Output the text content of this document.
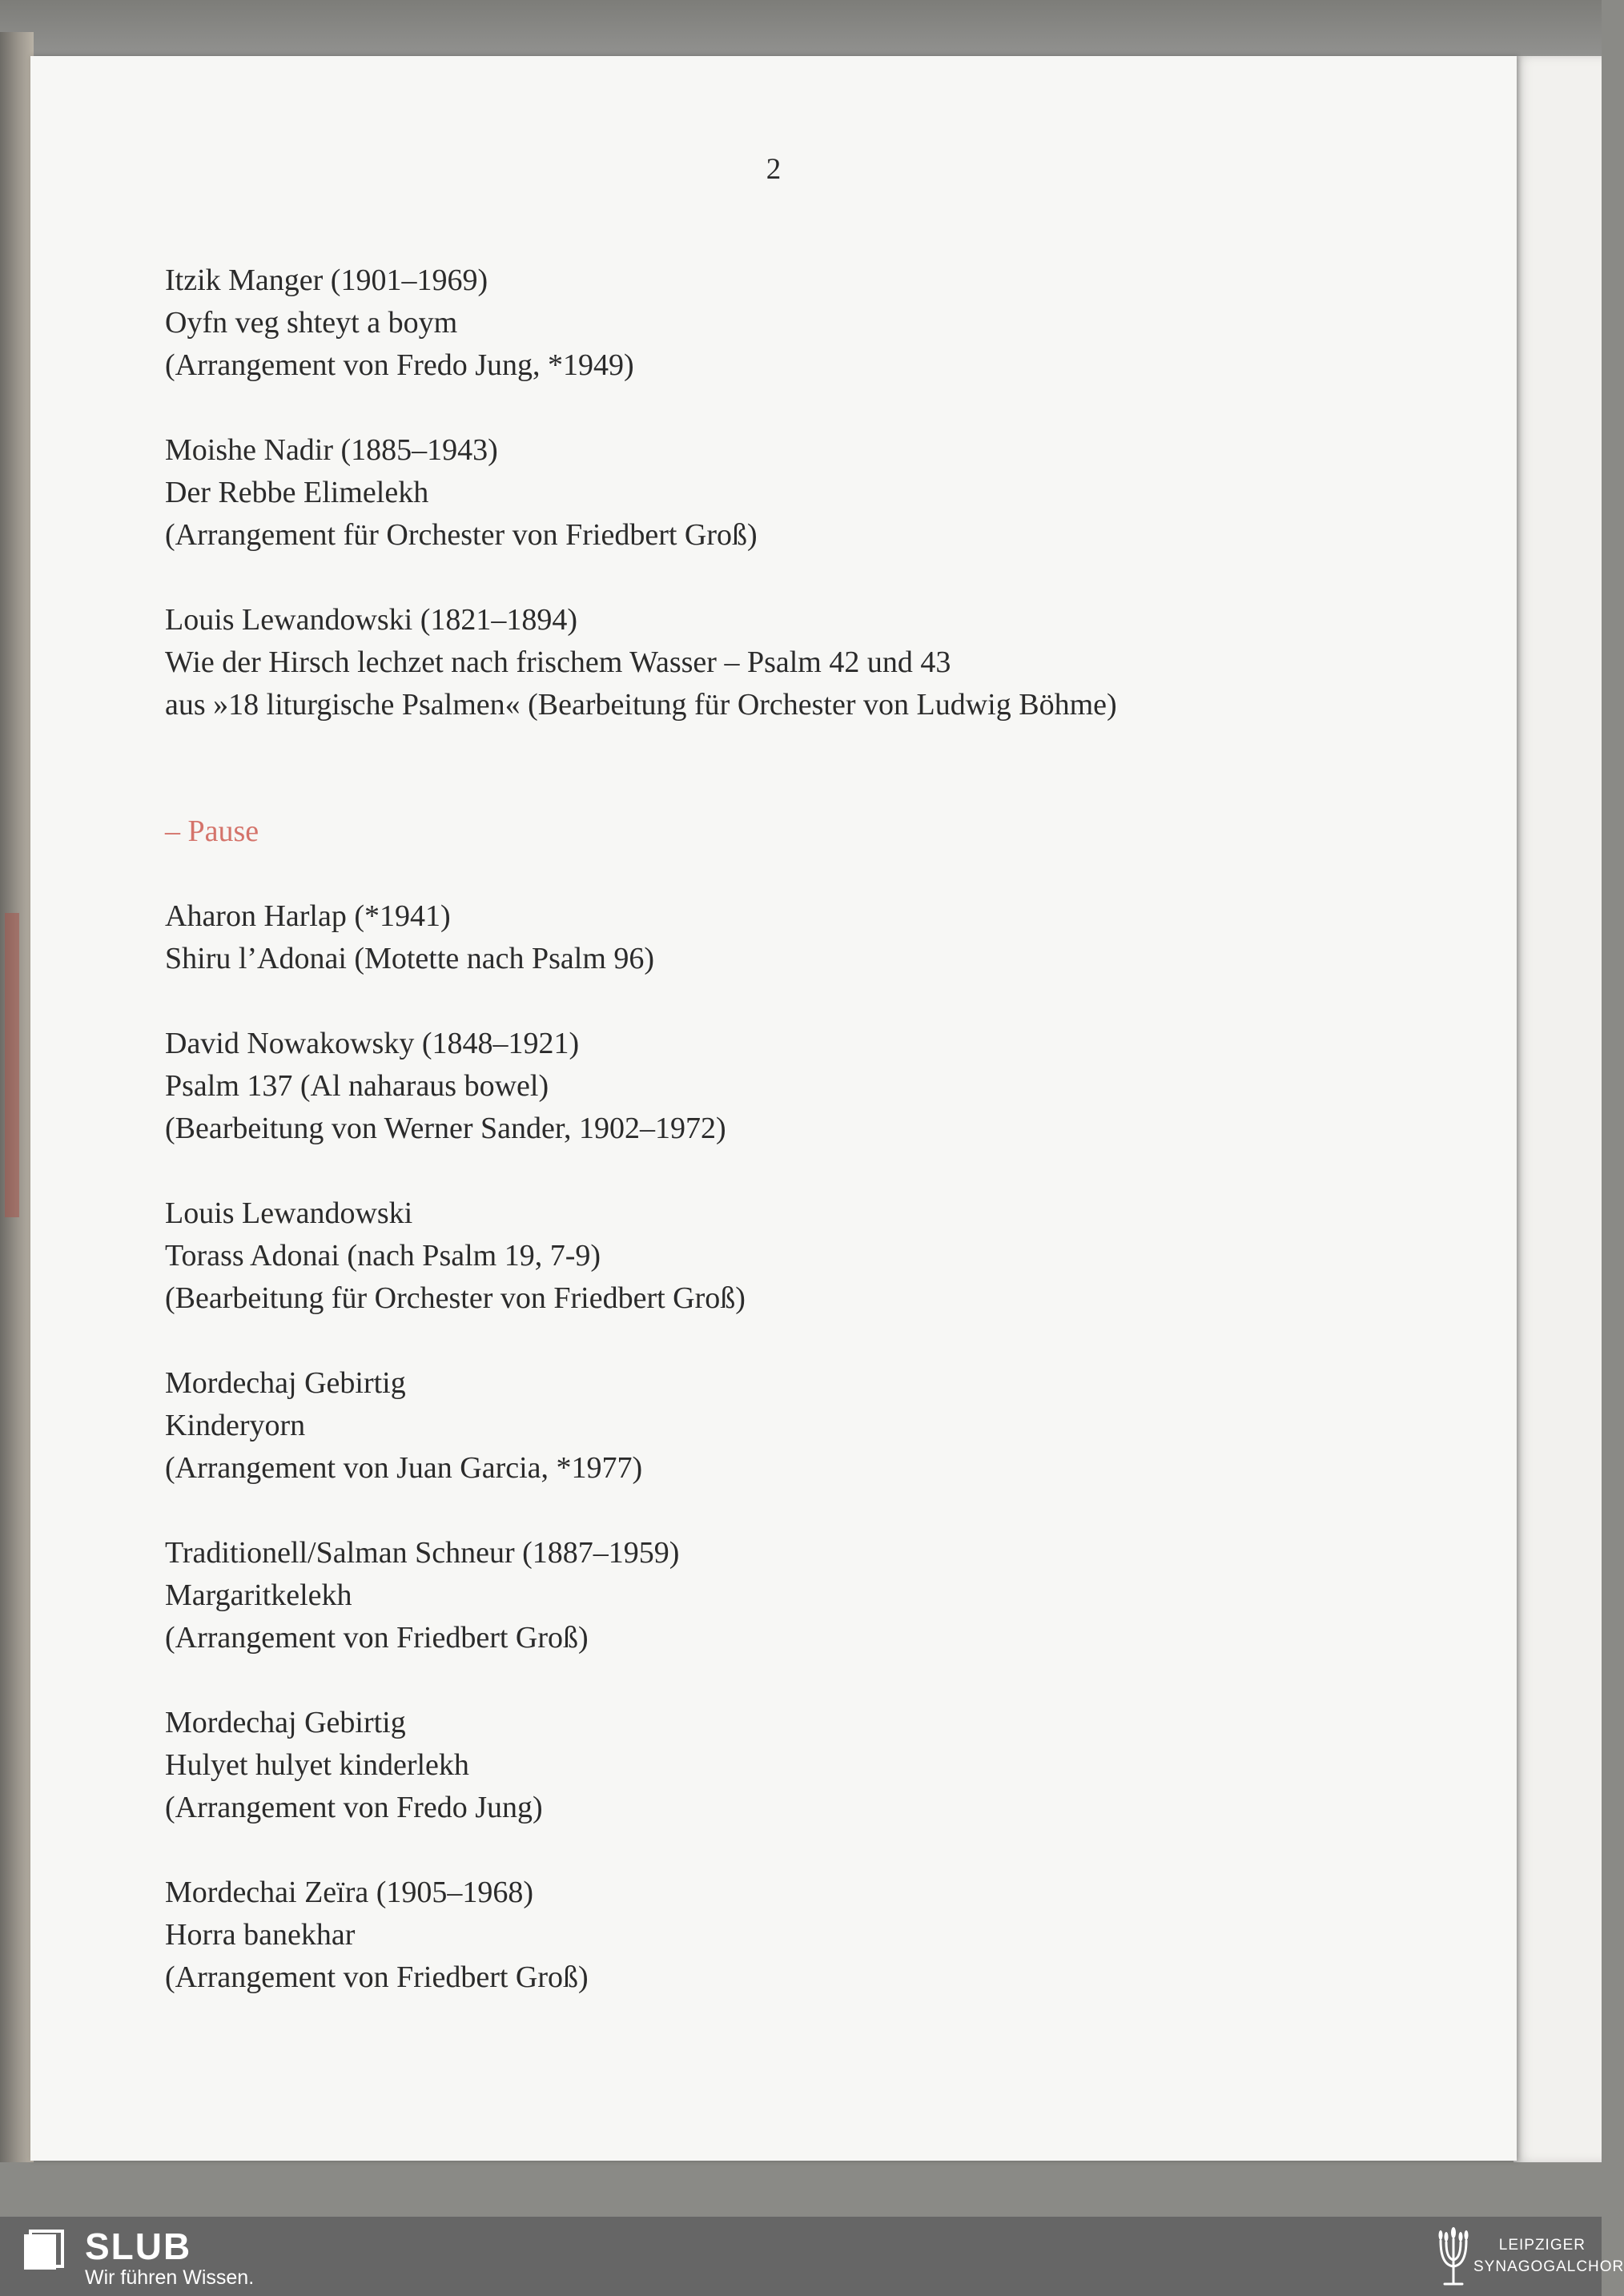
2
Itzik Manger (1901–1969)
Oyfn veg shteyt a boym
(Arrangement von Fredo Jung, *1949)
Moishe Nadir (1885–1943)
Der Rebbe Elimelekh
(Arrangement für Orchester von Friedbert Groß)
Louis Lewandowski (1821–1894)
Wie der Hirsch lechzet nach frischem Wasser – Psalm 42 und 43
aus »18 liturgische Psalmen« (Bearbeitung für Orchester von Ludwig Böhme)
– Pause
Aharon Harlap (*1941)
Shiru l’Adonai (Motette nach Psalm 96)
David Nowakowsky (1848–1921)
Psalm 137 (Al naharaus bowel)
(Bearbeitung von Werner Sander, 1902–1972)
Louis Lewandowski
Torass Adonai (nach Psalm 19, 7-9)
(Bearbeitung für Orchester von Friedbert Groß)
Mordechaj Gebirtig
Kinderyorn
(Arrangement von Juan Garcia, *1977)
Traditionell/Salman Schneur (1887–1959)
Margaritkelekh
(Arrangement von Friedbert Groß)
Mordechaj Gebirtig
Hulyet hulyet kinderlekh
(Arrangement von Fredo Jung)
Mordechai Zeïra (1905–1968)
Horra banekhar
(Arrangement von Friedbert Groß)
SLUB
Wir führen Wissen.
LEIPZIGER
SYNAGOGALCHOR
